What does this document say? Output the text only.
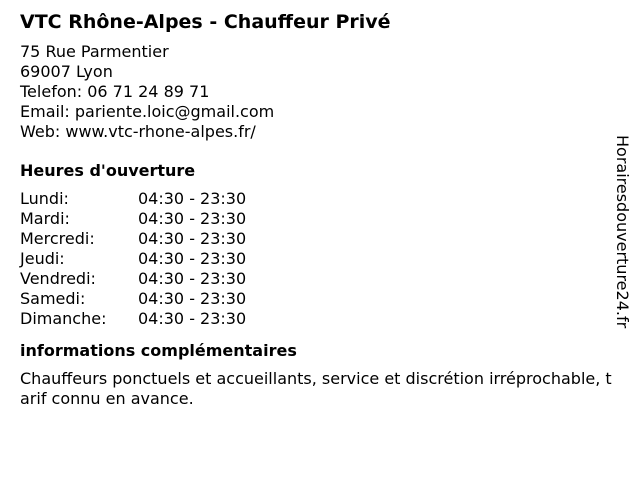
VTC Rhône-Alpes - Chauffeur Privé
75 Rue Parmentier
69007 Lyon
Telefon: 06 71 24 89 71
Email: pariente.loic@gmail.com
Web: www.vtc-rhone-alpes.fr/
Heures d'ouverture
Lundi:	04:30 - 23:30
Mardi:	04:30 - 23:30
Mercredi:	04:30 - 23:30
Jeudi:	04:30 - 23:30
Vendredi:	04:30 - 23:30
Samedi:	04:30 - 23:30
Dimanche:	04:30 - 23:30
informations complémentaires
Chauffeurs ponctuels et accueillants, service et discrétion irréprochable, tarif connu en avance.
Horairesdouverture24.fr
